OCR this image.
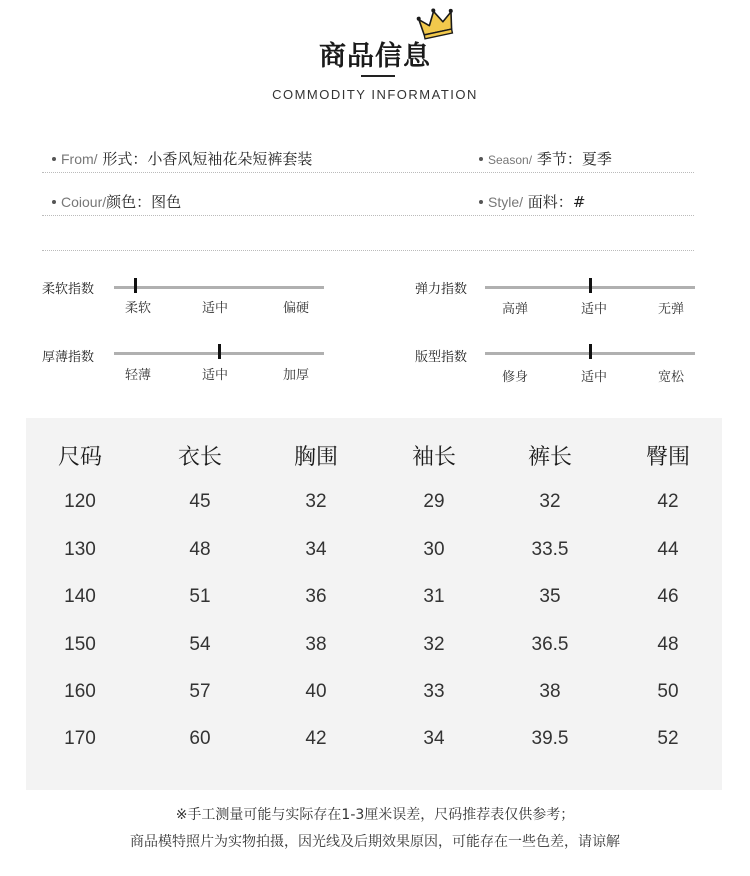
商品信息
COMMODITY INFORMATION
From/ 形式：小香风短袖花朵短裤套装	Season/ 季节：夏季
Coiour/颜色：图色	Style/ 面料：#
柔软指数
柔软	适中	偏硬
弹力指数
高弹	适中	无弹
厚薄指数
轻薄	适中	加厚
版型指数
修身	适中	宽松
尺码	衣长	胸围	袖长	裤长	臀围
120	45	32	29	32	42
130	48	34	30	33.5	44
140	51	36	31	35	46
150	54	38	32	36.5	48
160	57	40	33	38	50
170	60	42	34	39.5	52
※手工测量可能与实际存在1-3厘米误差，尺码推荐表仅供参考；
商品模特照片为实物拍摄，因光线及后期效果原因，可能存在一些色差，请谅解
